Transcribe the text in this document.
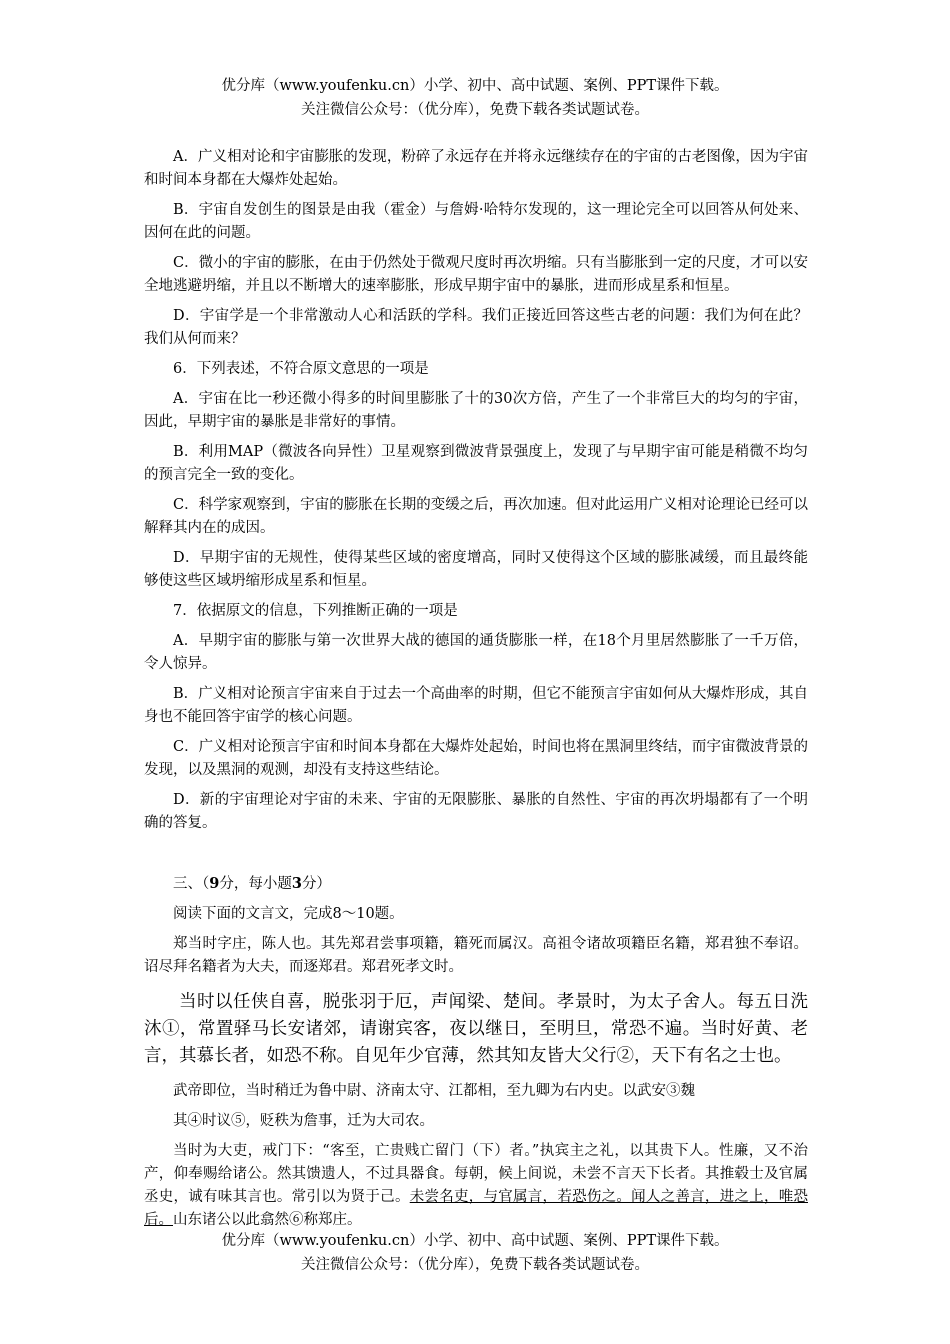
优分库（www.youfenku.cn）小学、初中、高中试题、案例、PPT课件下载。
关注微信公众号：（优分库），免费下载各类试题试卷。

A．广义相对论和宇宙膨胀的发现，粉碎了永远存在并将永远继续存在的宇宙的古老图像，因为宇宙和时间本身都在大爆炸处起始。

B．宇宙自发创生的图景是由我（霍金）与詹姆·哈特尔发现的，这一理论完全可以回答从何处来、因何在此的问题。

C．微小的宇宙的膨胀，在由于仍然处于微观尺度时再次坍缩。只有当膨胀到一定的尺度，才可以安全地逃避坍缩，并且以不断增大的速率膨胀，形成早期宇宙中的暴胀，进而形成星系和恒星。

D．宇宙学是一个非常激动人心和活跃的学科。我们正接近回答这些古老的问题：我们为何在此？我们从何而来？

6．下列表述，不符合原文意思的一项是

A．宇宙在比一秒还微小得多的时间里膨胀了十的30次方倍，产生了一个非常巨大的均匀的宇宙，因此，早期宇宙的暴胀是非常好的事情。

B．利用MAP（微波各向异性）卫星观察到微波背景强度上，发现了与早期宇宙可能是稍微不均匀的预言完全一致的变化。

C．科学家观察到，宇宙的膨胀在长期的变缓之后，再次加速。但对此运用广义相对论理论已经可以解释其内在的成因。

D．早期宇宙的无规性，使得某些区域的密度增高，同时又使得这个区域的膨胀减缓，而且最终能够使这些区域坍缩形成星系和恒星。

7．依据原文的信息，下列推断正确的一项是

A．早期宇宙的膨胀与第一次世界大战的德国的通货膨胀一样，在18个月里居然膨胀了一千万倍，令人惊异。

B．广义相对论预言宇宙来自于过去一个高曲率的时期，但它不能预言宇宙如何从大爆炸形成，其自身也不能回答宇宙学的核心问题。

C．广义相对论预言宇宙和时间本身都在大爆炸处起始，时间也将在黑洞里终结，而宇宙微波背景的发现，以及黑洞的观测，却没有支持这些结论。

D．新的宇宙理论对宇宙的未来、宇宙的无限膨胀、暴胀的自然性、宇宙的再次坍塌都有了一个明确的答复。

三、（9分，每小题3分）

阅读下面的文言文，完成8～10题。

郑当时字庄，陈人也。其先郑君尝事项籍，籍死而属汉。高祖令诸故项籍臣名籍，郑君独不奉诏。诏尽拜名籍者为大夫，而逐郑君。郑君死孝文时。

当时以任侠自喜，脱张羽于厄，声闻梁、楚间。孝景时，为太子舍人。每五日洗沐①，常置驿马长安诸郊，请谢宾客，夜以继日，至明旦，常恐不遍。当时好黄、老言，其慕长者，如恐不称。自见年少官薄，然其知友皆大父行②，天下有名之士也。

武帝即位，当时稍迁为鲁中尉、济南太守、江都相，至九卿为右内史。以武安③魏

其④时议⑤，贬秩为詹事，迁为大司农。

当时为大吏，戒门下：“客至，亡贵贱亡留门（下）者。”执宾主之礼，以其贵下人。性廉，又不治产，仰奉赐给诸公。然其馈遗人，不过具器食。每朝，候上间说，未尝不言天下长者。其推毂士及官属丞史，诚有味其言也。常引以为贤于己。未尝名吏，与官属言，若恐伤之。闻人之善言，进之上，唯恐后。山东诸公以此翕然⑥称郑庄。

优分库（www.youfenku.cn）小学、初中、高中试题、案例、PPT课件下载。
关注微信公众号：（优分库），免费下载各类试题试卷。
